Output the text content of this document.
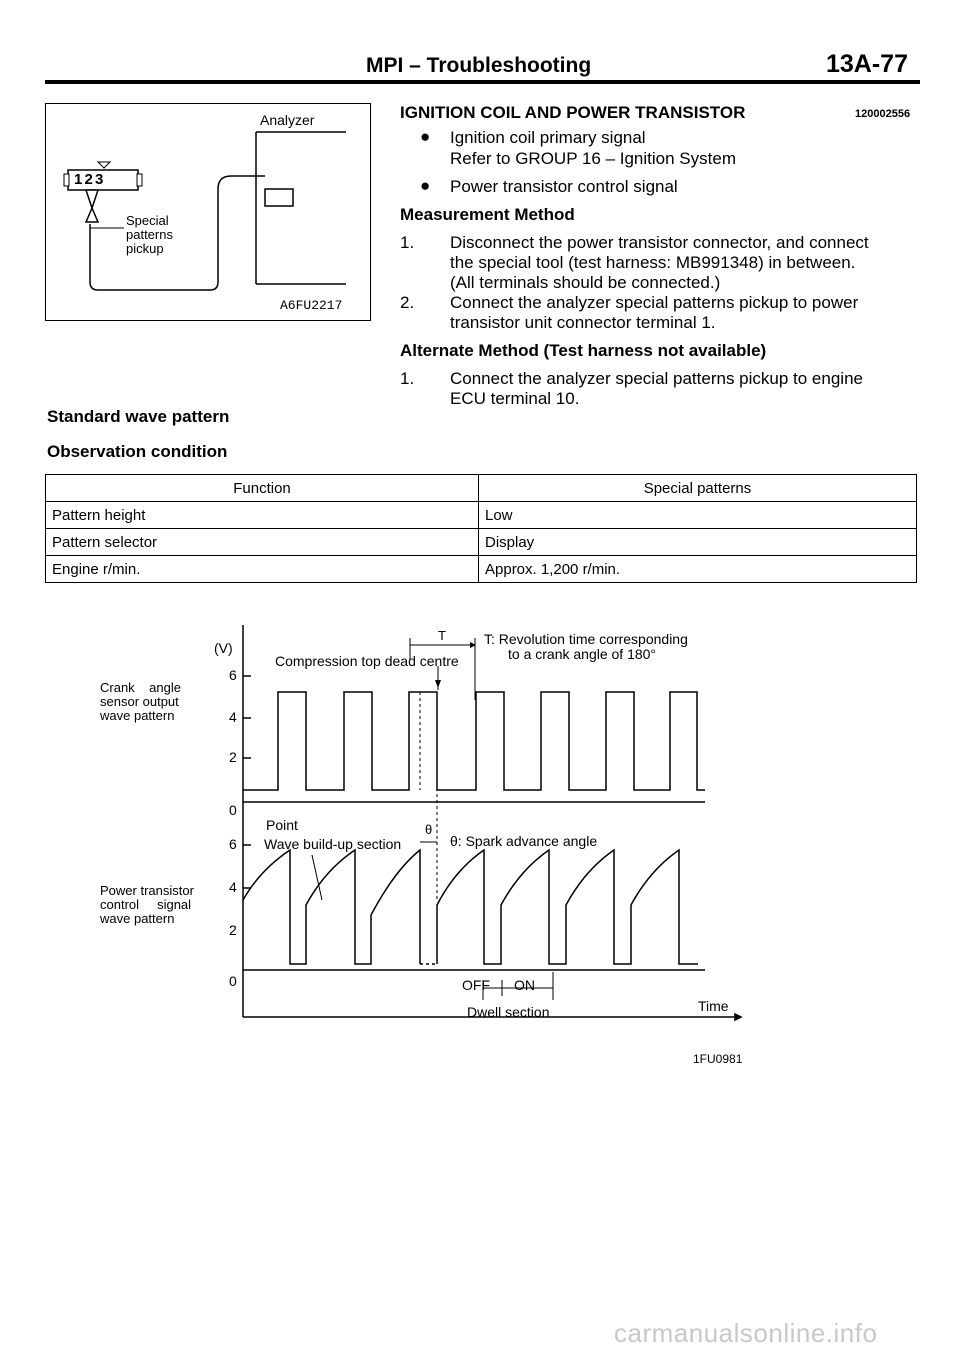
MPI – Troubleshooting	13A-77
Analyzer
1 2 3
Special
patterns
pickup
A6FU2217
IGNITION COIL AND POWER TRANSISTOR	120002556
● Ignition coil primary signal
Refer to GROUP 16 – Ignition System
● Power transistor control signal
Measurement Method
1. Disconnect the power transistor connector, and connect
the special tool (test harness: MB991348) in between.
(All terminals should be connected.)
2. Connect the analyzer special patterns pickup to power
transistor unit connector terminal 1.
Alternate Method (Test harness not available)
1. Connect the analyzer special patterns pickup to engine
ECU terminal 10.
Standard wave pattern
Observation condition
Function	Special patterns
Pattern height	Low
Pattern selector	Display
Engine r/min.	Approx. 1,200 r/min.
(V)
Crank    angle
sensor output
wave pattern
6
4
2
0
6
4
2
0
Power transistor
control     signal
wave pattern
T	T: Revolution time corresponding
to a crank angle of 180°
Compression top dead centre
Point
Wave build-up section
θ
θ: Spark advance angle
OFF ON
Dwell section	Time
1FU0981
carmanualsonline.info
